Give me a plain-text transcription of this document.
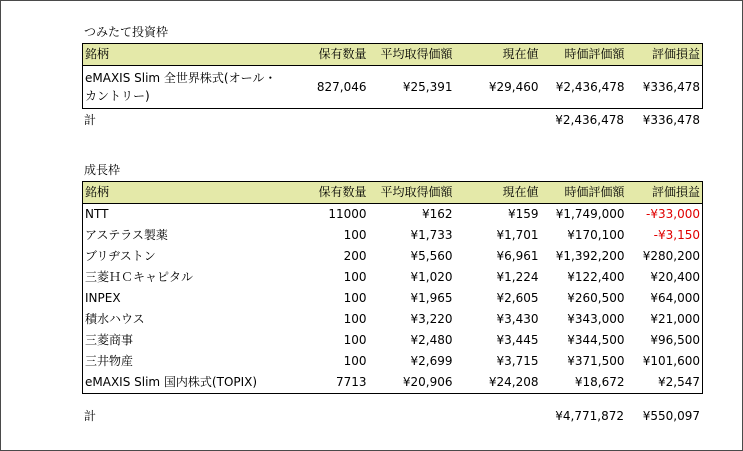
つみたて投資枠
銘柄	保有数量	平均取得価額	現在値	時価評価額	評価損益
eMAXIS Slim 全世界株式(オール・カントリー)	827,046	¥25,391	¥29,460	¥2,436,478	¥336,478
計				¥2,436,478	¥336,478
成長枠
銘柄	保有数量	平均取得価額	現在値	時価評価額	評価損益
NTT	11000	¥162	¥159	¥1,749,000	-¥33,000
アステラス製薬	100	¥1,733	¥1,701	¥170,100	-¥3,150
ブリヂストン	200	¥5,560	¥6,961	¥1,392,200	¥280,200
三菱ＨＣキャピタル	100	¥1,020	¥1,224	¥122,400	¥20,400
INPEX	100	¥1,965	¥2,605	¥260,500	¥64,000
積水ハウス	100	¥3,220	¥3,430	¥343,000	¥21,000
三菱商事	100	¥2,480	¥3,445	¥344,500	¥96,500
三井物産	100	¥2,699	¥3,715	¥371,500	¥101,600
eMAXIS Slim 国内株式(TOPIX)	7713	¥20,906	¥24,208	¥18,672	¥2,547
計				¥4,771,872	¥550,097
